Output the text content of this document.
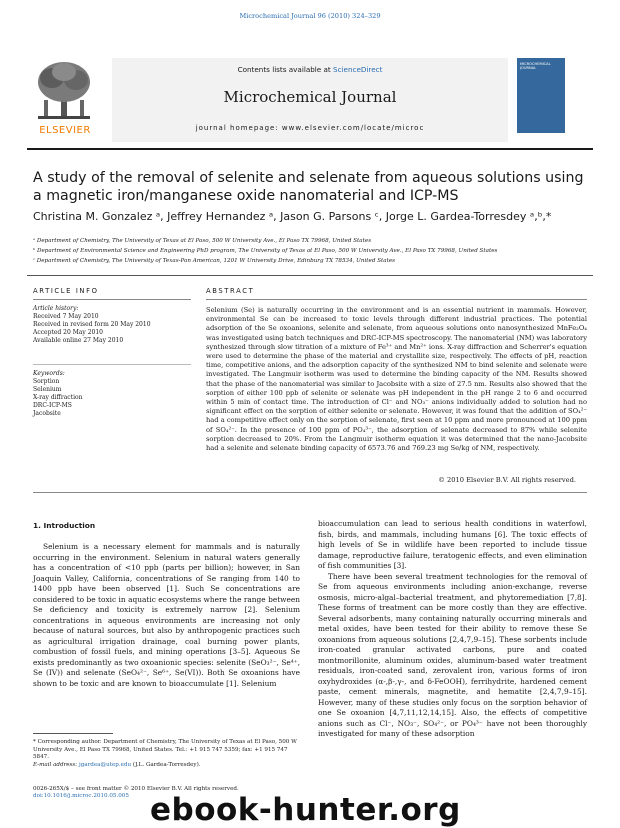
Microchemical Journal 96 (2010) 324–329
ELSEVIER
Contents lists available at ScienceDirect
Microchemical Journal
journal homepage: www.elsevier.com/locate/microc
MICROCHEMICAL JOURNAL
A study of the removal of selenite and selenate from aqueous solutions using a magnetic iron/manganese oxide nanomaterial and ICP-MS
Christina M. Gonzalez ᵃ, Jeffrey Hernandez ᵃ, Jason G. Parsons ᶜ, Jorge L. Gardea-Torresdey ᵃ,ᵇ,*
ᵃ Department of Chemistry, The University of Texas at El Paso, 500 W University Ave., El Paso TX 79968, United States
ᵇ Department of Environmental Science and Engineering PhD program, The University of Texas at El Paso, 500 W University Ave., El Paso TX 79968, United States
ᶜ Department of Chemistry, The University of Texas-Pan American, 1201 W University Drive, Edinburg TX 78534, United States
ARTICLE INFO	ABSTRACT
Article history:
Received 7 May 2010
Received in revised form 20 May 2010
Accepted 20 May 2010
Available online 27 May 2010
Keywords:
Sorption
Selenium
X-ray diffraction
DRC-ICP-MS
Jacobsite
Selenium (Se) is naturally occurring in the environment and is an essential nutrient in mammals. However, environmental Se can be increased to toxic levels through different industrial practices. The potential adsorption of the Se oxoanions, selenite and selenate, from aqueous solutions onto nanosynthesized MnFe₂O₄ was investigated using batch techniques and DRC-ICP-MS spectroscopy. The nanomaterial (NM) was laboratory synthesized through slow titration of a mixture of Fe³⁺ and Mn²⁺ ions. X-ray diffraction and Scherrer's equation were used to determine the phase of the material and crystallite size, respectively. The effects of pH, reaction time, competitive anions, and the adsorption capacity of the synthesized NM to bind selenite and selenate were investigated. The Langmuir isotherm was used to determine the binding capacity of the NM. Results showed that the phase of the nanomaterial was similar to Jacobsite with a size of 27.5 nm. Results also showed that the sorption of either 100 ppb of selenite or selenate was pH independent in the pH range 2 to 6 and occurred within 5 min of contact time. The introduction of Cl⁻ and NO₃⁻ anions individually added to solution had no significant effect on the sorption of either selenite or selenate. However, it was found that the addition of SO₄²⁻ had a competitive effect only on the sorption of selenate, first seen at 10 ppm and more pronounced at 100 ppm of SO₄²⁻. In the presence of 100 ppm of PO₄³⁻, the adsorption of selenate decreased to 87% while selenite sorption decreased to 20%. From the Langmuir isotherm equation it was determined that the nano-Jacobsite had a selenite and selenate binding capacity of 6573.76 and 769.23 mg Se/kg of NM, respectively.
© 2010 Elsevier B.V. All rights reserved.
1. Introduction

Selenium is a necessary element for mammals and is naturally occurring in the environment. Selenium in natural waters generally has a concentration of <10 ppb (parts per billion); however, in San Joaquin Valley, California, concentrations of Se ranging from 140 to 1400 ppb have been observed [1]. Such Se concentrations are considered to be toxic in aquatic ecosystems where the range between Se deficiency and toxicity is extremely narrow [2]. Selenium concentrations in aqueous environments are increasing not only because of natural sources, but also by anthropogenic practices such as agricultural irrigation drainage, coal burning power plants, combustion of fossil fuels, and mining operations [3–5]. Aqueous Se exists predominantly as two oxoanionic species: selenite (SeO₃²⁻, Se⁴⁺, Se (IV)) and selenate (SeO₄²⁻, Se⁶⁺, Se(VI)). Both Se oxoanions have shown to be toxic and are known to bioaccumulate [1]. Selenium

bioaccumulation can lead to serious health conditions in waterfowl, fish, birds, and mammals, including humans [6]. The toxic effects of high levels of Se in wildlife have been reported to include tissue damage, reproductive failure, teratogenic effects, and even elimination of fish communities [3].

There have been several treatment technologies for the removal of Se from aqueous environments including anion-exchange, reverse osmosis, micro-algal–bacterial treatment, and phytoremediation [7,8]. These forms of treatment can be more costly than they are effective. Several adsorbents, many containing naturally occurring minerals and metal oxides, have been tested for their ability to remove these Se oxoanions from aqueous solutions [2,4,7,9–15]. These sorbents include iron-coated granular activated carbons, pure and coated montmorillonite, aluminum oxides, aluminum-based water treatment residuals, iron-coated sand, zerovalent iron, various forms of iron oxyhydroxides (α-,β-,γ-, and δ-FeOOH), ferrihydrite, hardened cement paste, cement minerals, magnetite, and hematite [2,4,7,9–15]. However, many of these studies only focus on the sorption behavior of one Se oxoanion [4,7,11,12,14,15]. Also, the effects of competitive anions such as Cl⁻, NO₃⁻, SO₄²⁻, or PO₄³⁻ have not been thoroughly investigated for many of these adsorption

* Corresponding author. Department of Chemistry, The University of Texas at El Paso, 500 W University Ave., El Paso TX 79968, United States. Tel.: +1 915 747 5359; fax: +1 915 747 5847.

E-mail address: jgardea@utep.edu (J.L. Gardea-Torresdey).

0026-265X/$ – see front matter © 2010 Elsevier B.V. All rights reserved.

doi:10.1016/j.microc.2010.05.005 ebook-hunter.org
